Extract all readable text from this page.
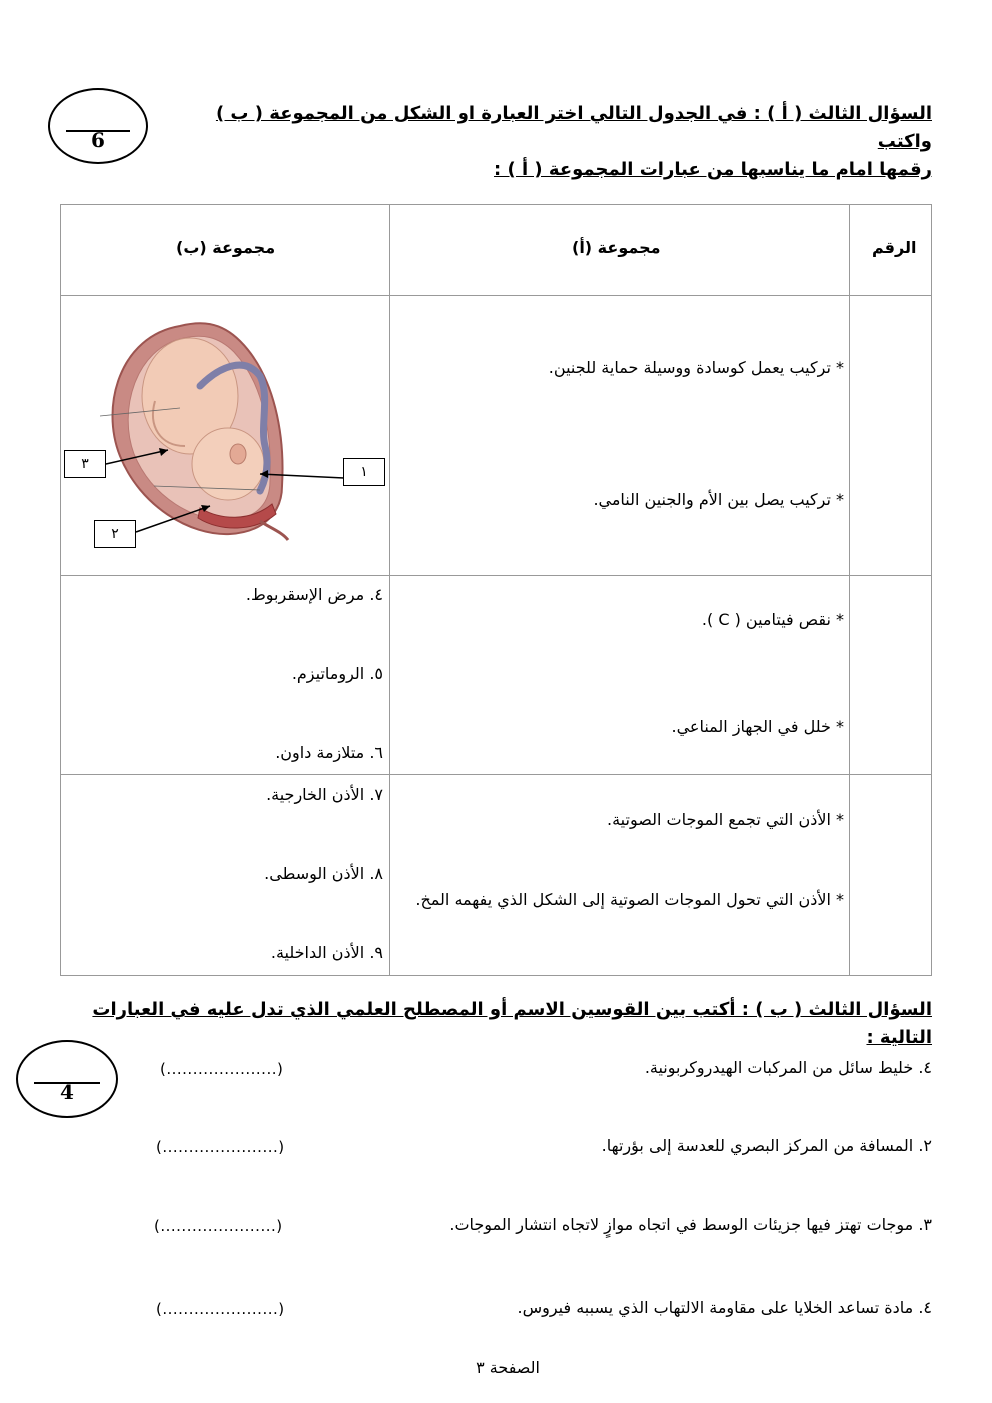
6
السؤال الثالث ( أ ) : في الجدول التالي اختر العبارة او الشكل من المجموعة ( ب ) واكتب
رقمها امام ما يناسبها من عبارات المجموعة ( أ ) :
الرقم
مجموعة (أ)
مجموعة (ب)
* تركيب يعمل كوسادة ووسيلة حماية للجنين.
* تركيب يصل بين الأم والجنين النامي.
١
٣
٢
* نقص فيتامين ( C ).
* خلل في الجهاز المناعي.
٤. مرض الإسقربوط.
٥. الروماتيزم.
٦. متلازمة داون.
* الأذن التي تجمع الموجات الصوتية.
* الأذن التي تحول الموجات الصوتية إلى الشكل الذي يفهمه المخ.
٧. الأذن الخارجية.
٨. الأذن الوسطى.
٩. الأذن الداخلية.
السؤال الثالث ( ب ) : أكتب بين القوسين الاسم أو المصطلح العلمي الذي تدل عليه في العبارات التالية :
4
٤. خليط سائل من المركبات الهيدروكربونية.
(.....................)
٢. المسافة من المركز البصري للعدسة إلى بؤرتها.
(......................)
٣. موجات تهتز فيها جزيئات الوسط في اتجاه موازٍ لاتجاه انتشار الموجات.
(......................)
٤. مادة تساعد الخلايا على مقاومة الالتهاب الذي يسببه فيروس.
(......................)
الصفحة ٣
